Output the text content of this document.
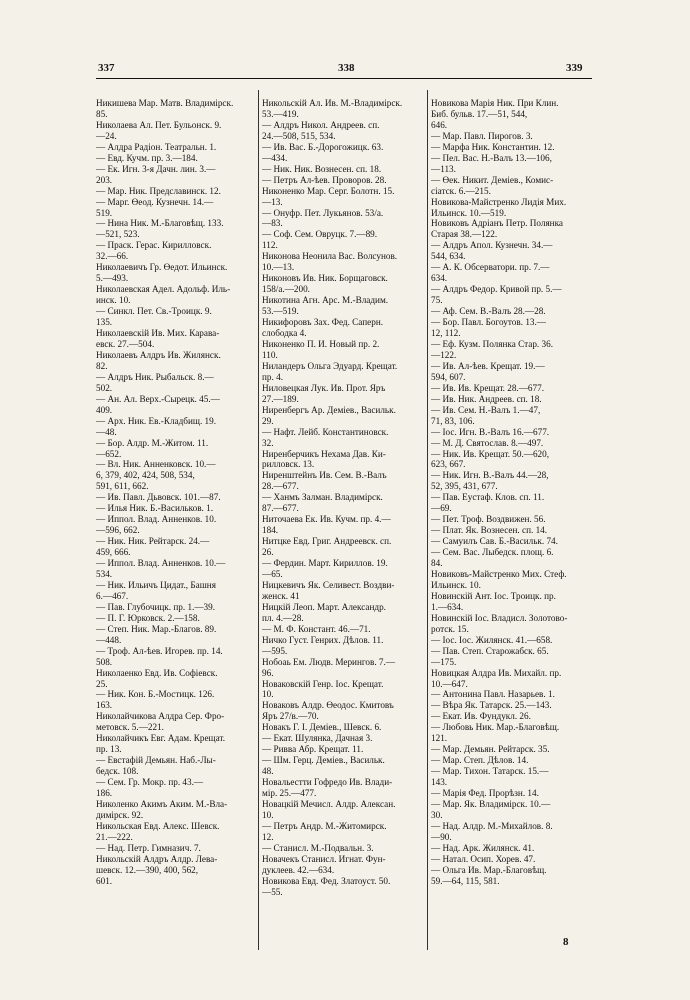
337	338	339
Никишева Мар. Матв. Владимірск.
85.
Николаева Ал. Пет. Бульонск. 9.
—24.
— Алдра Радіон. Театральн. 1.
— Евд. Кучм. пр. 3.—184.
— Ек. Игн. 3-я Дачн. лин. 3.—
203.
— Мар. Ник. Предславинск. 12.
— Марг. Өеод. Кузнечн. 14.—
519.
— Нина Ник. М.-Благовѣщ. 133.
—521, 523.
— Праск. Герас. Кирилловск.
32.—66.
Николаевичъ Гр. Өедот. Ильинск.
5.—493.
Николаевская Адел. Адольф. Иль-
инск. 10.
— Синкл. Пет. Св.-Троицк. 9.
135.
Николаевскій Ив. Мих. Карава-
евск. 27.—504.
Николаевъ Алдръ Ив. Жилянск.
82.
— Алдръ Ник. Рыбальск. 8.—
502.
— Ан. Ал. Верх.-Сырецк. 45.—
409.
— Арх. Ник. Ев.-Кладбищ. 19.
—48.
— Бор. Алдр. М.-Житом. 11.
—652.
— Вл. Ник. Анненковск. 10.—
6, 379, 402, 424, 508, 534,
591, 611, 662.
— Ив. Павл. Дьвовск. 101.—87.
— Илья Ник. Б.-Васильков. 1.
— Иппол. Влад. Анненков. 10.
—596, 662.
— Ник. Ник. Рейтарск. 24.—
459, 666.
— Иппол. Влад. Анненков. 10.—
534.
— Ник. Ильичъ Цидат., Башня
6.—467.
— Пав. Глубочицк. пр. 1.—39.
— П. Г. Юрковск. 2.—158.
— Степ. Ник. Мар.-Благов. 89.
—448.
— Троф. Ал-ѣев. Игорев. пр. 14.
508.
Николаенко Евд. Ив. Софіевск.
25.
— Ник. Кон. Б.-Мостицк. 126.
163.
Николайчикова Алдра Сер. Фро-
метовск. 5.—221.
Николайчикъ Евг. Адам. Крещат.
пр. 13.
— Евстафій Демьян. Наб.-Лы-
бедск. 108.
— Сем. Гр. Мокр. пр. 43.—
186.
Николенко Акимъ Аким. М.-Вла-
димірск. 92.
Никольская Евд. Алекс. Шевск.
21.—222.
— Над. Петр. Гимназич. 7.
Никольскій Алдръ Алдр. Лева-
шевск. 12.—390, 400, 562,
601.
Никольскій Ал. Ив. М.-Владимірск.
53.—419.
— Алдръ Никол. Андреев. сп.
24.—508, 515, 534.
— Ив. Вас. Б.-Дорогожицк. 63.
—434.
— Ник. Ник. Вознесен. сп. 18.
— Петръ Ал-ѣев. Проворов. 28.
Никоненко Мар. Серг. Болотн. 15.
—13.
— Онуфр. Пет. Лукьянов. 53/а.
—83.
— Соф. Сем. Овруцк. 7.—89.
112.
Никонова Неонила Вас. Волсунов.
10.—13.
Никоновъ Ив. Ник. Борщаговск.
158/а.—200.
Никотина Агн. Арс. М.-Владим.
53.—519.
Никифоровъ Зах. Фед. Саперн.
слободка 4.
Никоненко П. И. Новый пр. 2.
110.
Ниландеръ Ольга Эдуард. Крещат.
пр. 4.
Ниловецкая Лук. Ив. Прот. Яръ
27.—189.
Ниренбергъ Ар. Деміев., Васильк.
29.
— Нафт. Лейб. Константиновск.
32.
Ниренберчикъ Нехама Дав. Ки-
рилловск. 13.
Ниренштейнъ Ив. Сем. В.-Валъ
28.—677.
— Ханмъ Залман. Владимірск.
87.—677.
Ниточаева Ек. Ив. Кучм. пр. 4.—
184.
Нитцке Евд. Григ. Андреевск. сп.
26.
— Фердин. Март. Кириллов. 19.
—65.
Ницкевичъ Як. Селивест. Воздви-
женск. 41
Ницкій Леоп. Март. Александр.
пл. 4.—28.
— М. Ф. Констант. 46.—71.
Ничко Густ. Генрих. Дѣлов. 11.
—595.
Нобоаь Ем. Людв. Мерингов. 7.—
96.
Новаковскій Генр. Іос. Крещат.
10.
Новаковъ Алдр. Өеодос. Кмитовъ
Яръ 27/в.—70.
Новакъ Г. І. Деміев., Шевск. 6.
— Екат. Шулянка, Дачная 3.
— Ривва Абр. Крещат. 11.
— Шм. Герц. Деміев., Васильк.
48.
Новальестти Гофредо Ив. Влади-
мір. 25.—477.
Новацкій Мечисл. Алдр. Алексан.
10.
— Петръ Андр. М.-Житомирск.
12.
— Станисл. М.-Подвальн. 3.
Новачекъ Станисл. Игнат. Фун-
дуклеев. 42.—634.
Новикова Евд. Фед. Златоуст. 50.
—55.
Новикова Марія Ник. При Клин.
Биб. бульв. 17.—51, 544,
646.
— Мар. Павл. Пирогов. 3.
— Марфа Ник. Константин. 12.
— Пел. Вас. Н.-Валъ 13.—106,
—113.
— Өек. Никит. Деміев., Комис-
сіатск. 6.—215.
Новикова-Майстренко Лидія Мих.
Ильинск. 10.—519.
Новиковъ Адріанъ Петр. Полянка
Старая 38.—122.
— Алдръ Апол. Кузнечн. 34.—
544, 634.
— А. К. Обсерватори. пр. 7.—
634.
— Алдръ Федор. Кривой пр. 5.—
75.
— Аф. Сем. В.-Валъ 28.—28.
— Бор. Павл. Богоутов. 13.—
12, 112.
— Еф. Кузм. Полянка Стар. 36.
—122.
— Ив. Ал-ѣев. Крещат. 19.—
594, 607.
— Ив. Ив. Крещат. 28.—677.
— Ив. Ник. Андреев. сп. 18.
— Ив. Сем. Н.-Валъ 1.—47,
71, 83, 106.
— Іос. Игн. В.-Валъ 16.—677.
— М. Д. Святослав. 8.—497.
— Ник. Ив. Крещат. 50.—620,
623, 667.
— Ник. Игн. В.-Валъ 44.—28,
52, 395, 431, 677.
— Пав. Еустаф. Клов. сп. 11.
—69.
— Пет. Троф. Воздвижен. 56.
— Плат. Як. Вознесен. сп. 14.
— Самуилъ Сав. Б.-Васильк. 74.
— Сем. Вас. Лыбедск. площ. 6.
84.
Новиковъ-Майстренко Мих. Стеф.
Ильинск. 10.
Новинскій Ант. Іос. Троицк. пр.
1.—634.
Новинскій Іос. Владисл. Золотово-
ротск. 15.
— Іос. Іос. Жилянск. 41.—658.
— Пав. Степ. Старожабск. 65.
—175.
Новицкая Алдра Ив. Михайл. пр.
10.—647.
— Антонина Павл. Назарьев. 1.
— Вѣра Як. Татарск. 25.—143.
— Екат. Ив. Фундукл. 26.
— Любовь Ник. Мар.-Благовѣщ.
121.
— Мар. Демьян. Рейтарск. 35.
— Мар. Степ. Дѣлов. 14.
— Мар. Тихон. Татарск. 15.—
143.
— Марія Фед. Прорѣзн. 14.
— Мар. Як. Владимірск. 10.—
30.
— Над. Алдр. М.-Михайлов. 8.
—90.
— Над. Арк. Жилянск. 41.
— Натал. Осип. Хорев. 47.
— Ольга Ив. Мар.-Благовѣщ.
59.—64, 115, 581.
8
